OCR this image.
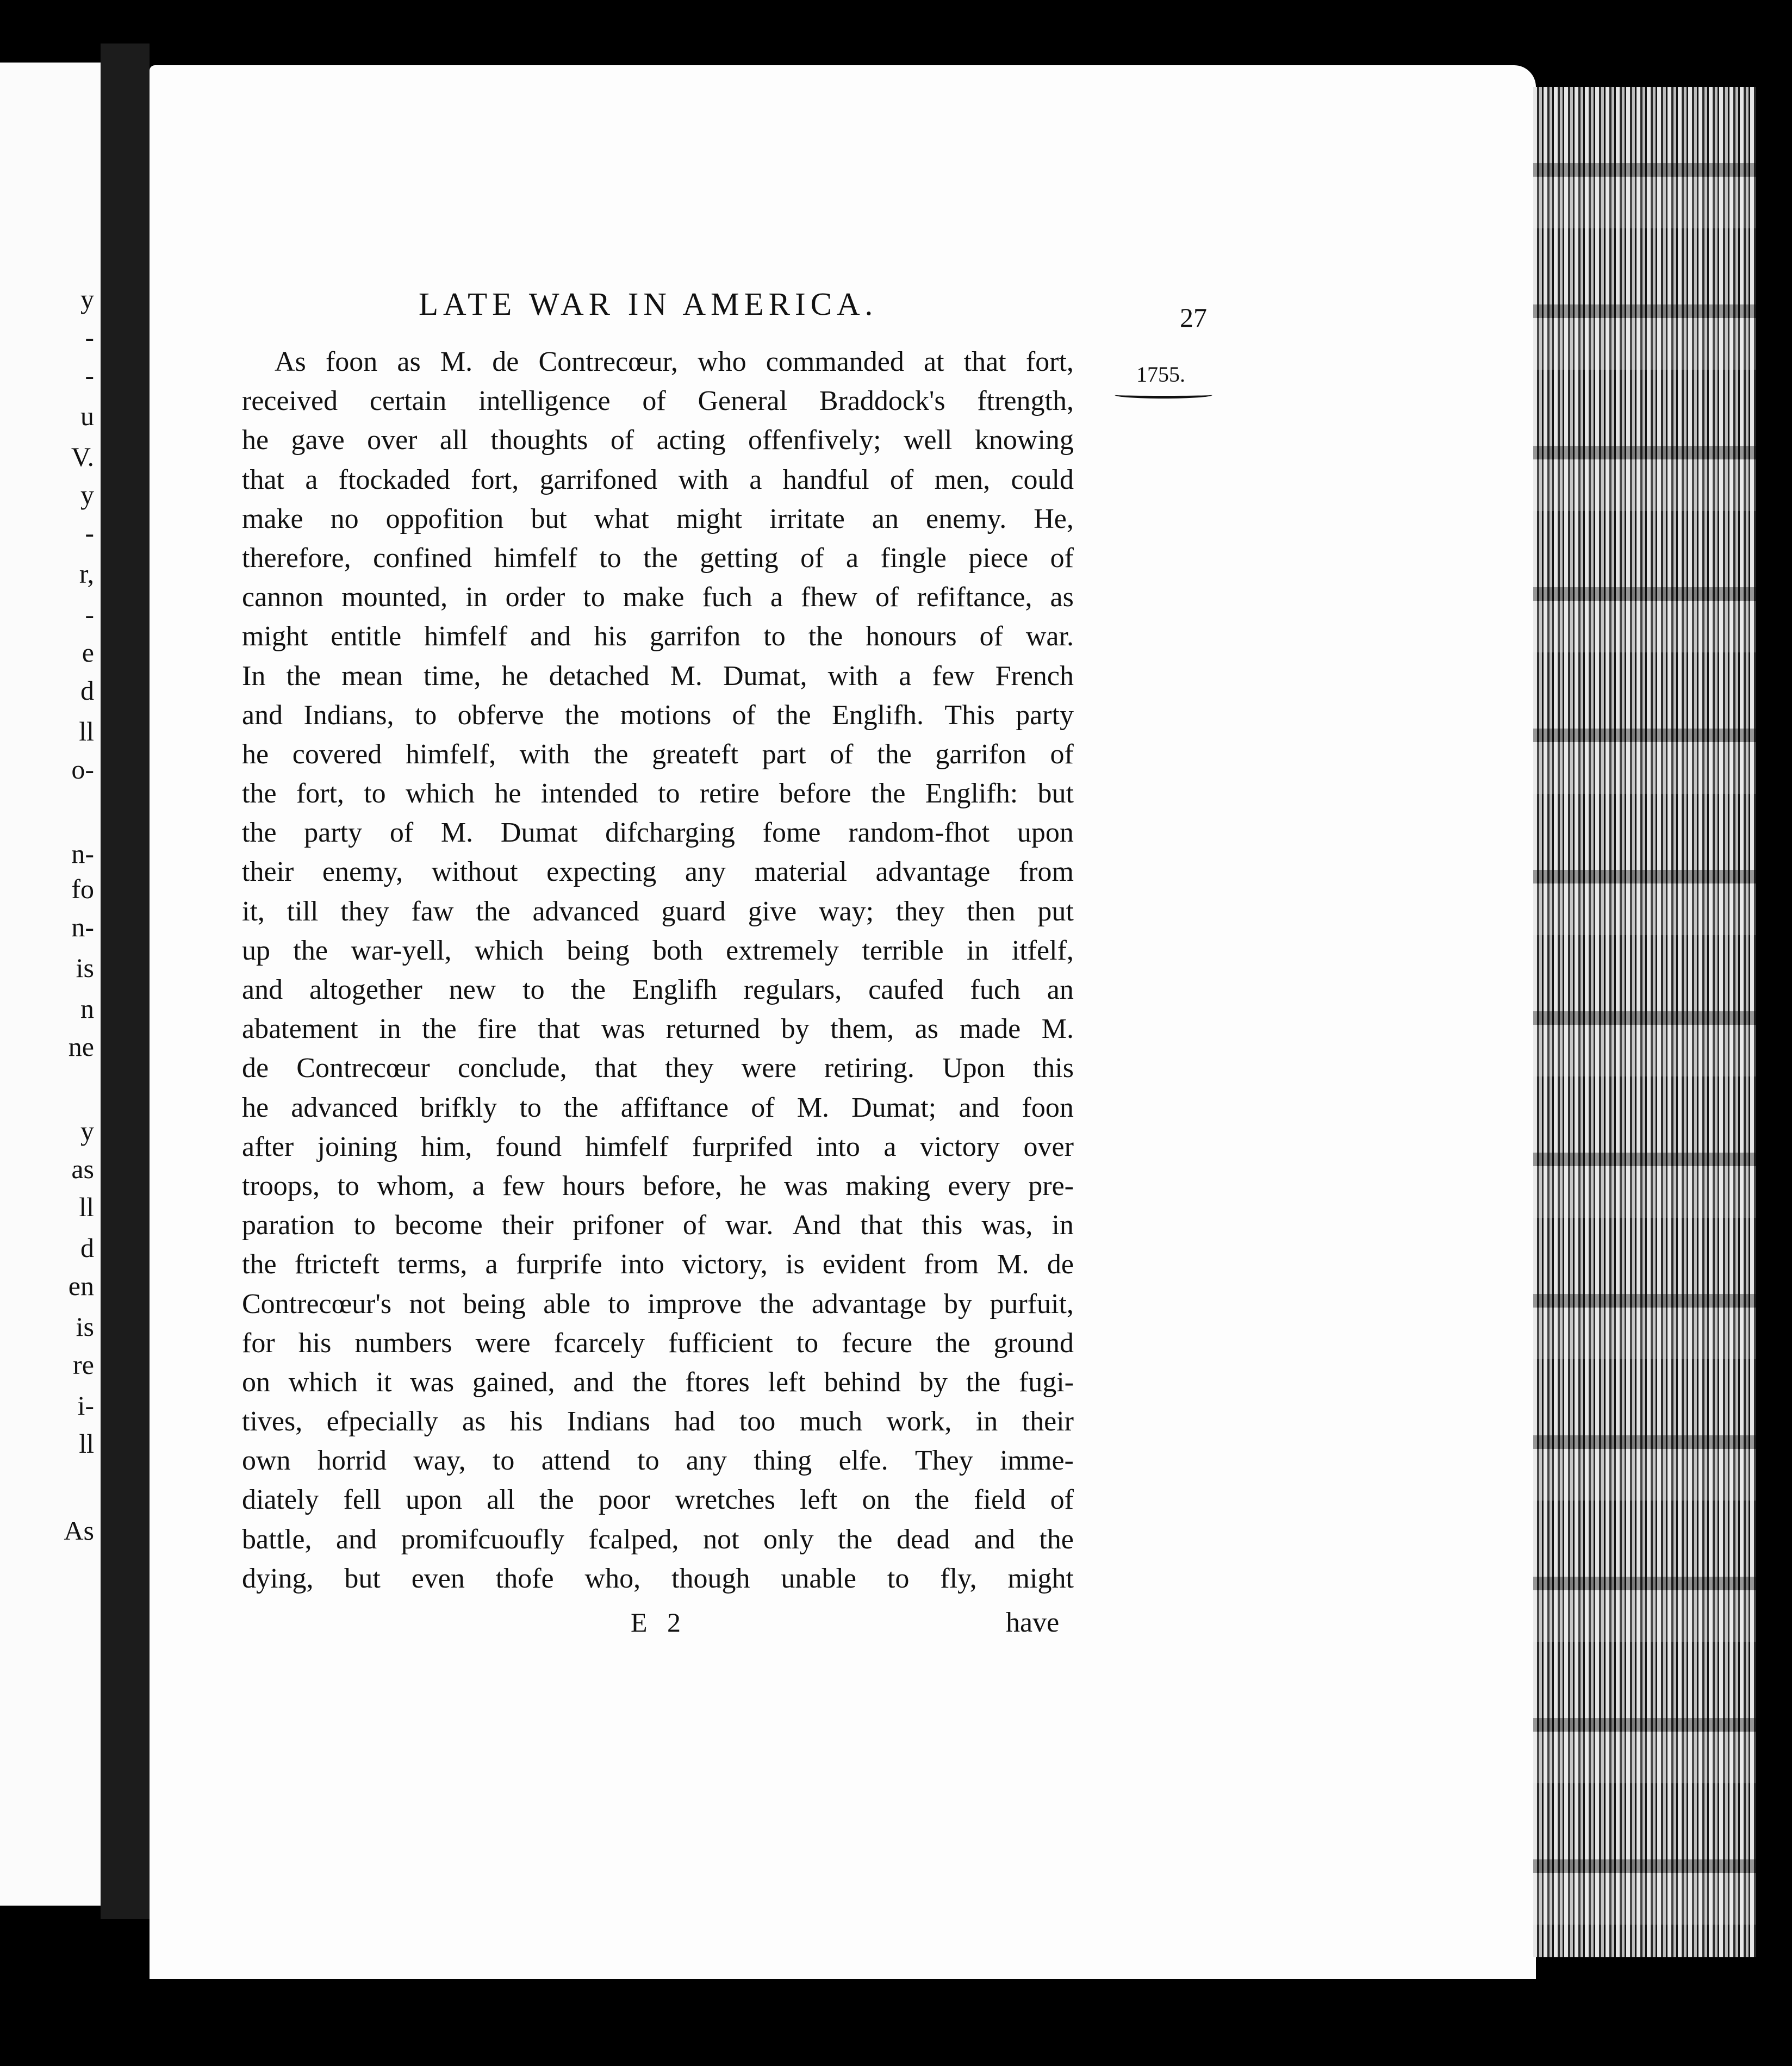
y
-
-
u
V.
y
-
r,
-
e
d
ll
o-
n-
fo
n-
is
n
ne
y
as
ll
d
en
is
re
i-
ll
As
LATE WAR IN AMERICA.	27
1755.
As foon as M. de Contrecœur, who commanded at that fort,
received certain intelligence of General Braddock's ftrength,
he gave over all thoughts of acting offenfively; well knowing
that a ftockaded fort, garrifoned with a handful of men, could
make no oppofition but what might irritate an enemy. He,
therefore, confined himfelf to the getting of a fingle piece of
cannon mounted, in order to make fuch a fhew of refiftance, as
might entitle himfelf and his garrifon to the honours of war.
In the mean time, he detached M. Dumat, with a few French
and Indians, to obferve the motions of the Englifh. This party
he covered himfelf, with the greateft part of the garrifon of
the fort, to which he intended to retire before the Englifh: but
the party of M. Dumat difcharging fome random-fhot upon
their enemy, without expecting any material advantage from
it, till they faw the advanced guard give way; they then put
up the war-yell, which being both extremely terrible in itfelf,
and altogether new to the Englifh regulars, caufed fuch an
abatement in the fire that was returned by them, as made M.
de Contrecœur conclude, that they were retiring. Upon this
he advanced brifkly to the affiftance of M. Dumat; and foon
after joining him, found himfelf furprifed into a victory over
troops, to whom, a few hours before, he was making every pre-
paration to become their prifoner of war. And that this was, in
the ftricteft terms, a furprife into victory, is evident from M. de
Contrecœur's not being able to improve the advantage by purfuit,
for his numbers were fcarcely fufficient to fecure the ground
on which it was gained, and the ftores left behind by the fugi-
tives, efpecially as his Indians had too much work, in their
own horrid way, to attend to any thing elfe. They imme-
diately fell upon all the poor wretches left on the field of
battle, and promifcuoufly fcalped, not only the dead and the
dying, but even thofe who, though unable to fly, might
E 2	have
